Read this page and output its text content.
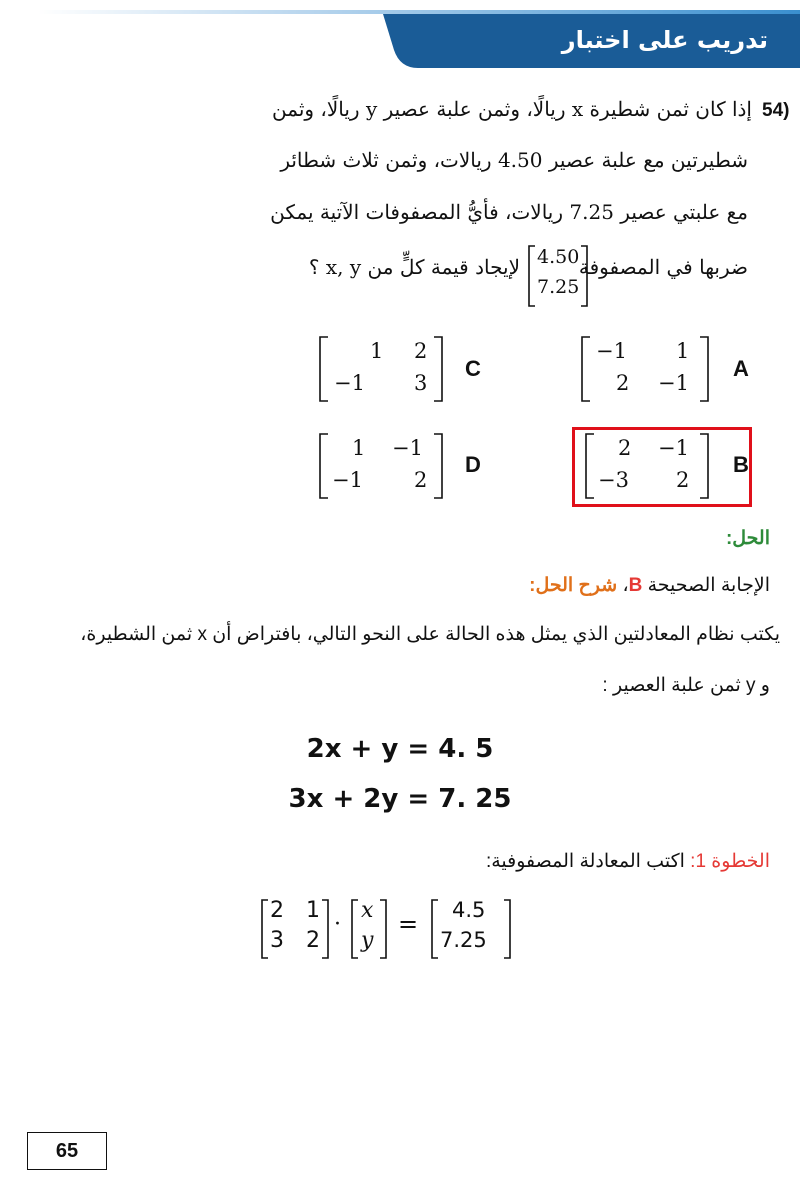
تدريب على اختبار
54)
إذا كان ثمن شطيرة x ريالًا، وثمن علبة عصير y ريالًا، وثمن
شطيرتين مع علبة عصير 4.50 ريالات، وثمن ثلاث شطائر
مع علبتي عصير 7.25 ريالات، فأيُّ المصفوفات الآتية يمكن
ضربها في المصفوفة
4.50
7.25
لإيجاد قيمة كلٍّ من x, y ؟
A
−1 1
2 −1
C
1 2
−1 3
B
2 −1
−3 2
D
1 −1
−1 2
الحل:
الإجابة الصحيحة B، شرح الحل:
يكتب نظام المعادلتين الذي يمثل هذه الحالة على النحو التالي، بافتراض أن x ثمن الشطيرة،
و y ثمن علبة العصير :
2x + y = 4. 5
3x + 2y = 7. 25
الخطوة 1: اكتب المعادلة المصفوفية:
2 1
3 2
·
x
y
= 4.5
7.25
65
